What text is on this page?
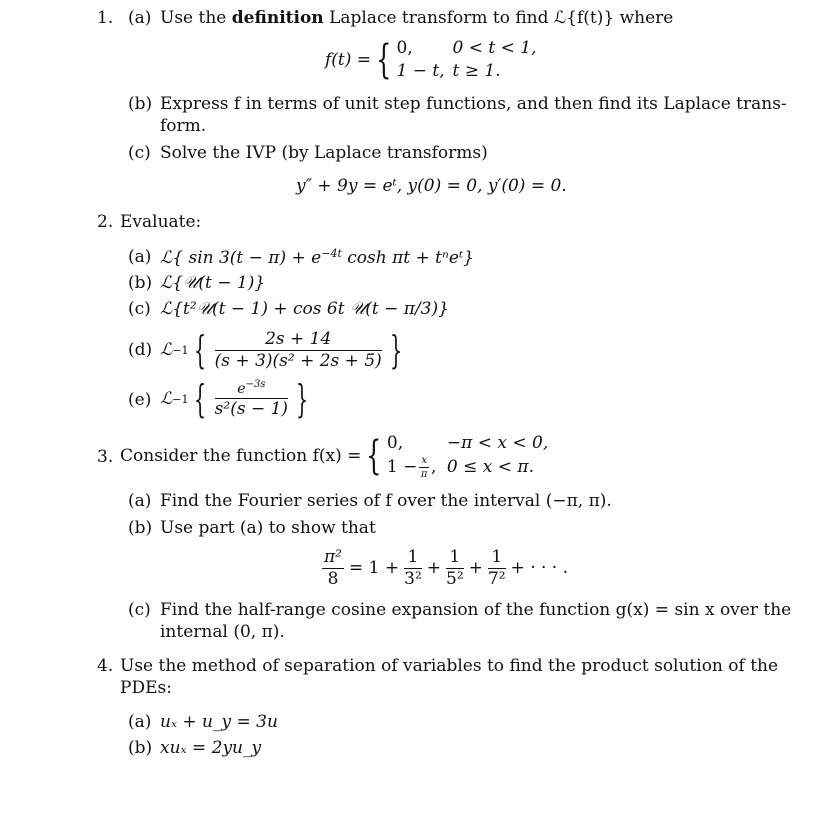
1. (a) Use the definition Laplace transform to find ℒ{f(t)} where
f(t) = { 0, 0 < t < 1,
1 − t, t ≥ 1.
(b) Express f in terms of unit step functions, and then find its Laplace trans-
form.
(c) Solve the IVP (by Laplace transforms)
y″ + 9y = eᵗ, y(0) = 0, y′(0) = 0.
2. Evaluate:
(a) ℒ{ $\sin 3(t - \pi) + e^{-4t}$ cosh πt + tⁿeᵗ}
(b) ℒ{𝒰(t − 1)}
(c) ℒ{t²𝒰(t − 1) + cos 6t 𝒰(t − π/3)}
(d) ℒ −1 { $\frac{2s + 14}{\text{(s + 3)(s² + 2s + 5)}}$ }
(e) ℒ −1 { $\frac{e^{-3s}}{\text{s²(s − 1)}}$ }
3. Consider the function f(x) = { 0,	−π < x < 0,
$1 - \frac{x}{\pi}$ , 0 ≤ x < π.
(a) Find the Fourier series of f over the interval (−π, π).
(b) Use part (a) to show that
$\frac{\text{π²}}{8} = 1 + \frac{1}{\text{3²}} + \frac{1}{\text{5²}} + \frac{1}{\text{7²}}$ + · · · .
(c) Find the half-range cosine expansion of the function g(x) = sin x over the
internal (0, π).
4. Use the method of separation of variables to find the product solution of the
PDEs:
(a) uₓ + u_y = 3u
(b) xuₓ = 2yu_y
